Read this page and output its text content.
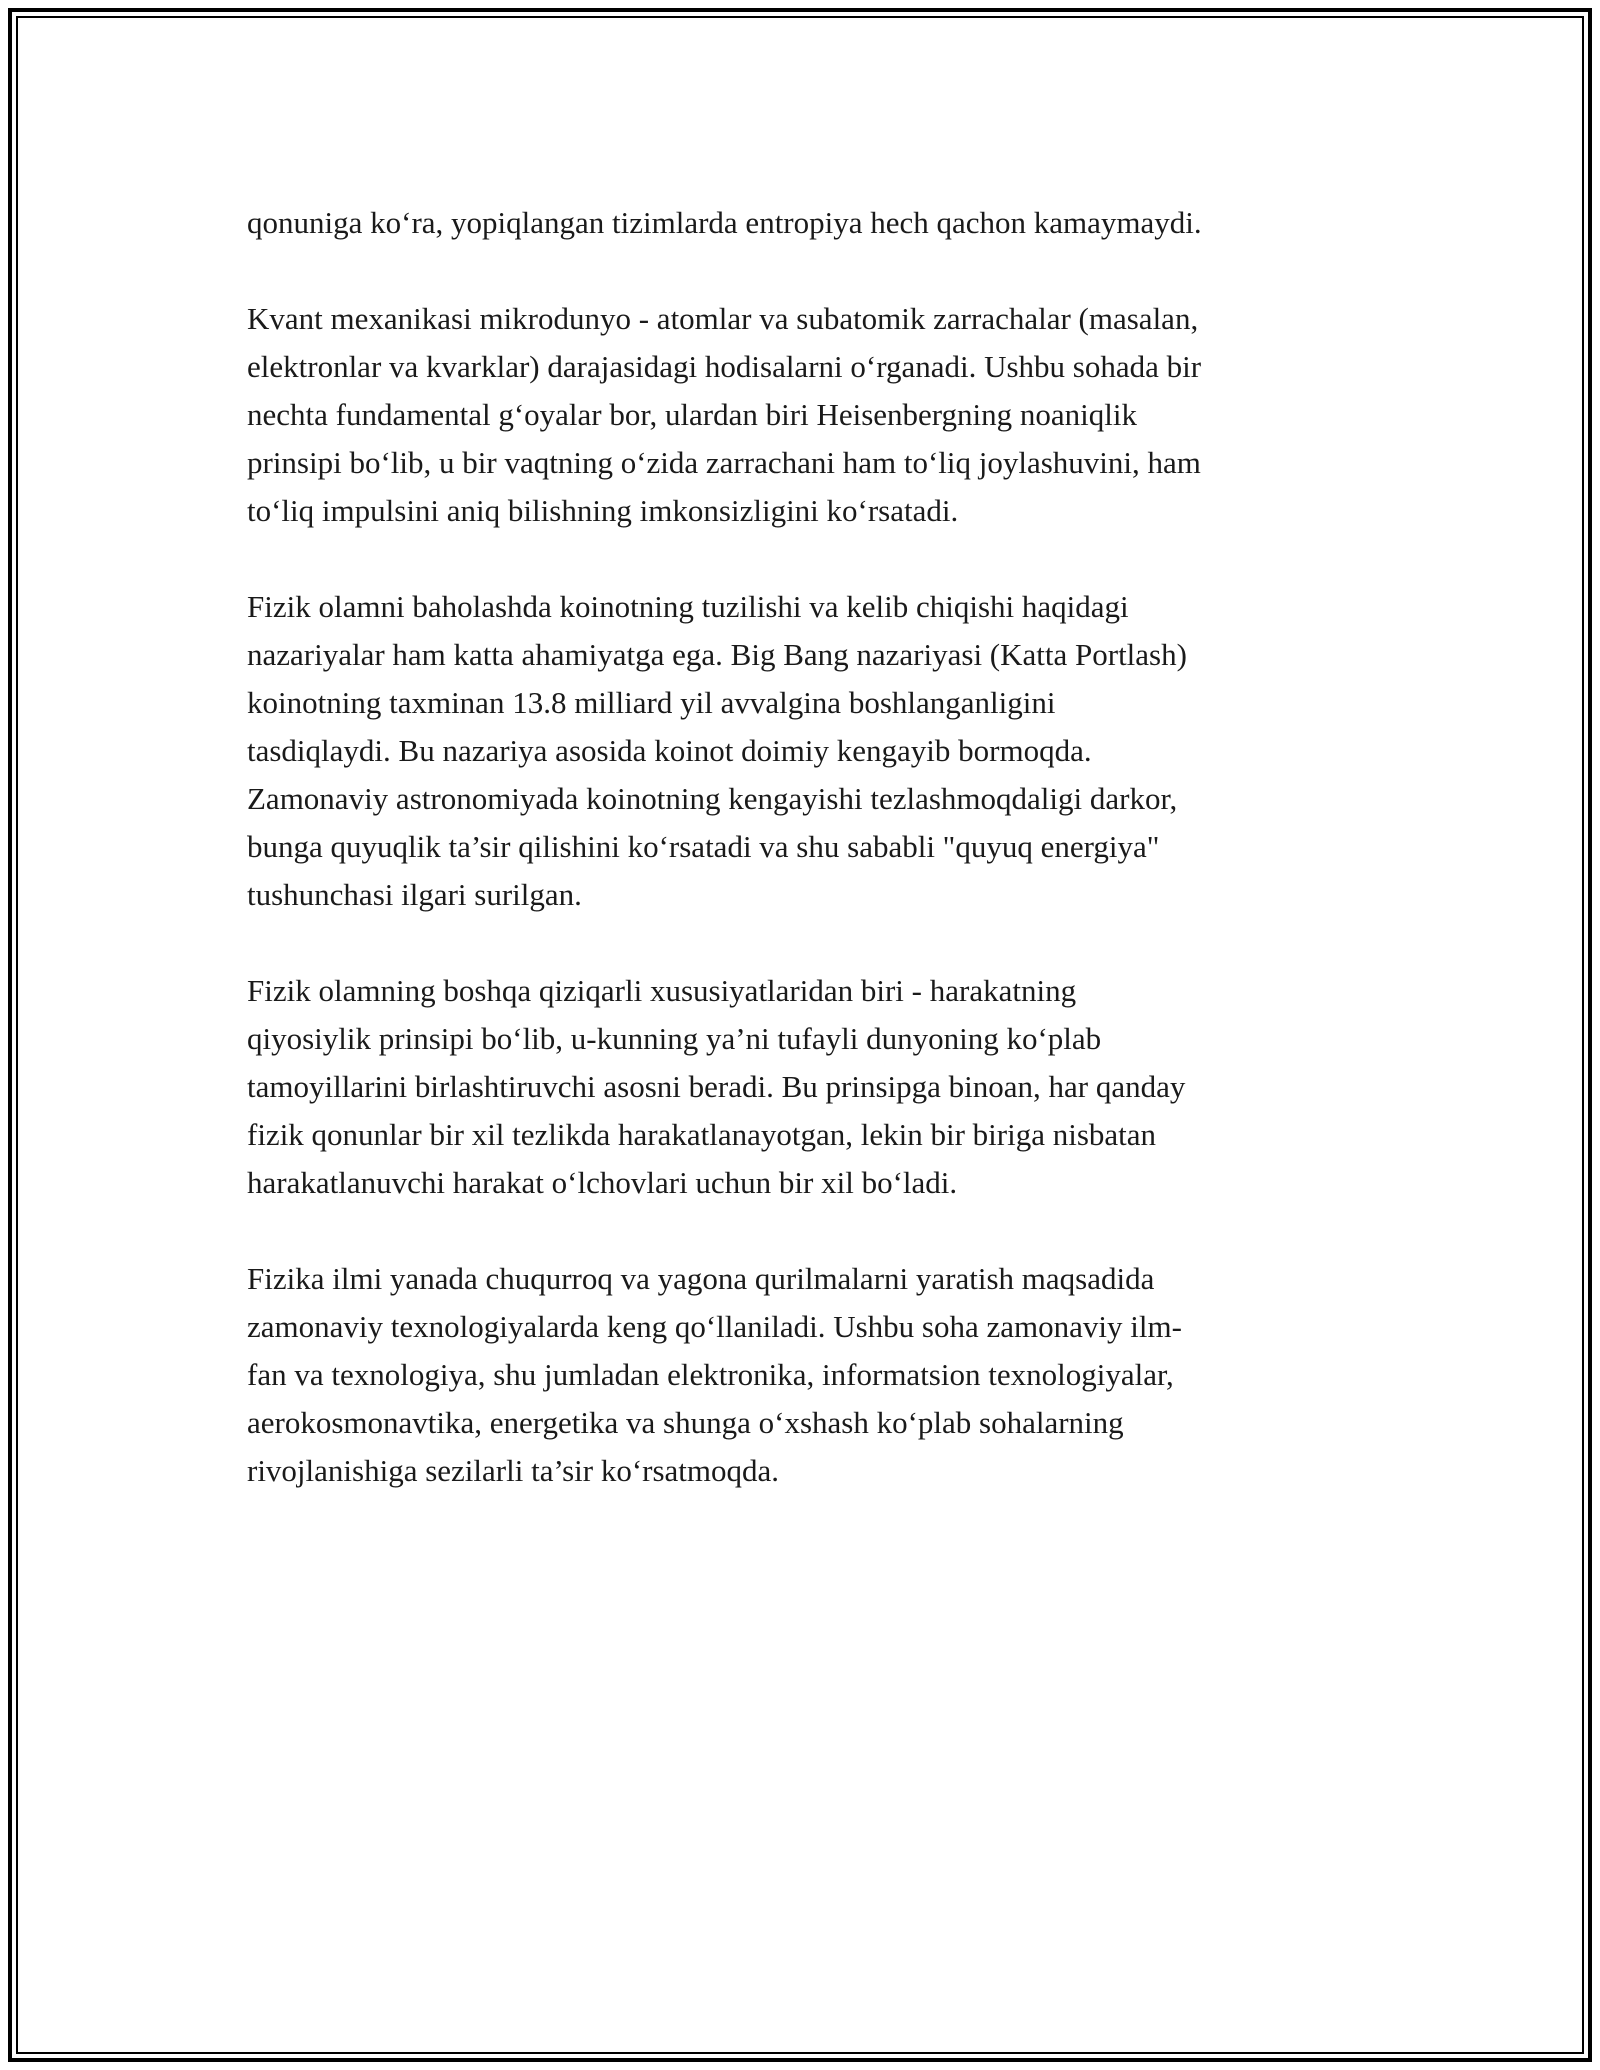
qonuniga ko‘ra, yopiqlangan tizimlarda entropiya hech qachon kamaymaydi.

Kvant mexanikasi mikrodunyo - atomlar va subatomik zarrachalar (masalan,
elektronlar va kvarklar) darajasidagi hodisalarni o‘rganadi. Ushbu sohada bir
nechta fundamental g‘oyalar bor, ulardan biri Heisenbergning noaniqlik
prinsipi bo‘lib, u bir vaqtning o‘zida zarrachani ham to‘liq joylashuvini, ham
to‘liq impulsini aniq bilishning imkonsizligini ko‘rsatadi.

Fizik olamni baholashda koinotning tuzilishi va kelib chiqishi haqidagi
nazariyalar ham katta ahamiyatga ega. Big Bang nazariyasi (Katta Portlash)
koinotning taxminan 13.8 milliard yil avvalgina boshlanganligini
tasdiqlaydi. Bu nazariya asosida koinot doimiy kengayib bormoqda.
Zamonaviy astronomiyada koinotning kengayishi tezlashmoqdaligi darkor,
bunga quyuqlik ta’sir qilishini ko‘rsatadi va shu sababli "quyuq energiya"
tushunchasi ilgari surilgan.

Fizik olamning boshqa qiziqarli xususiyatlaridan biri - harakatning
qiyosiylik prinsipi bo‘lib, u-kunning ya’ni tufayli dunyoning ko‘plab
tamoyillarini birlashtiruvchi asosni beradi. Bu prinsipga binoan, har qanday
fizik qonunlar bir xil tezlikda harakatlanayotgan, lekin bir biriga nisbatan
harakatlanuvchi harakat o‘lchovlari uchun bir xil bo‘ladi.

Fizika ilmi yanada chuqurroq va yagona qurilmalarni yaratish maqsadida
zamonaviy texnologiyalarda keng qo‘llaniladi. Ushbu soha zamonaviy ilm-
fan va texnologiya, shu jumladan elektronika, informatsion texnologiyalar,
aerokosmonavtika, energetika va shunga o‘xshash ko‘plab sohalarning
rivojlanishiga sezilarli ta’sir ko‘rsatmoqda.
